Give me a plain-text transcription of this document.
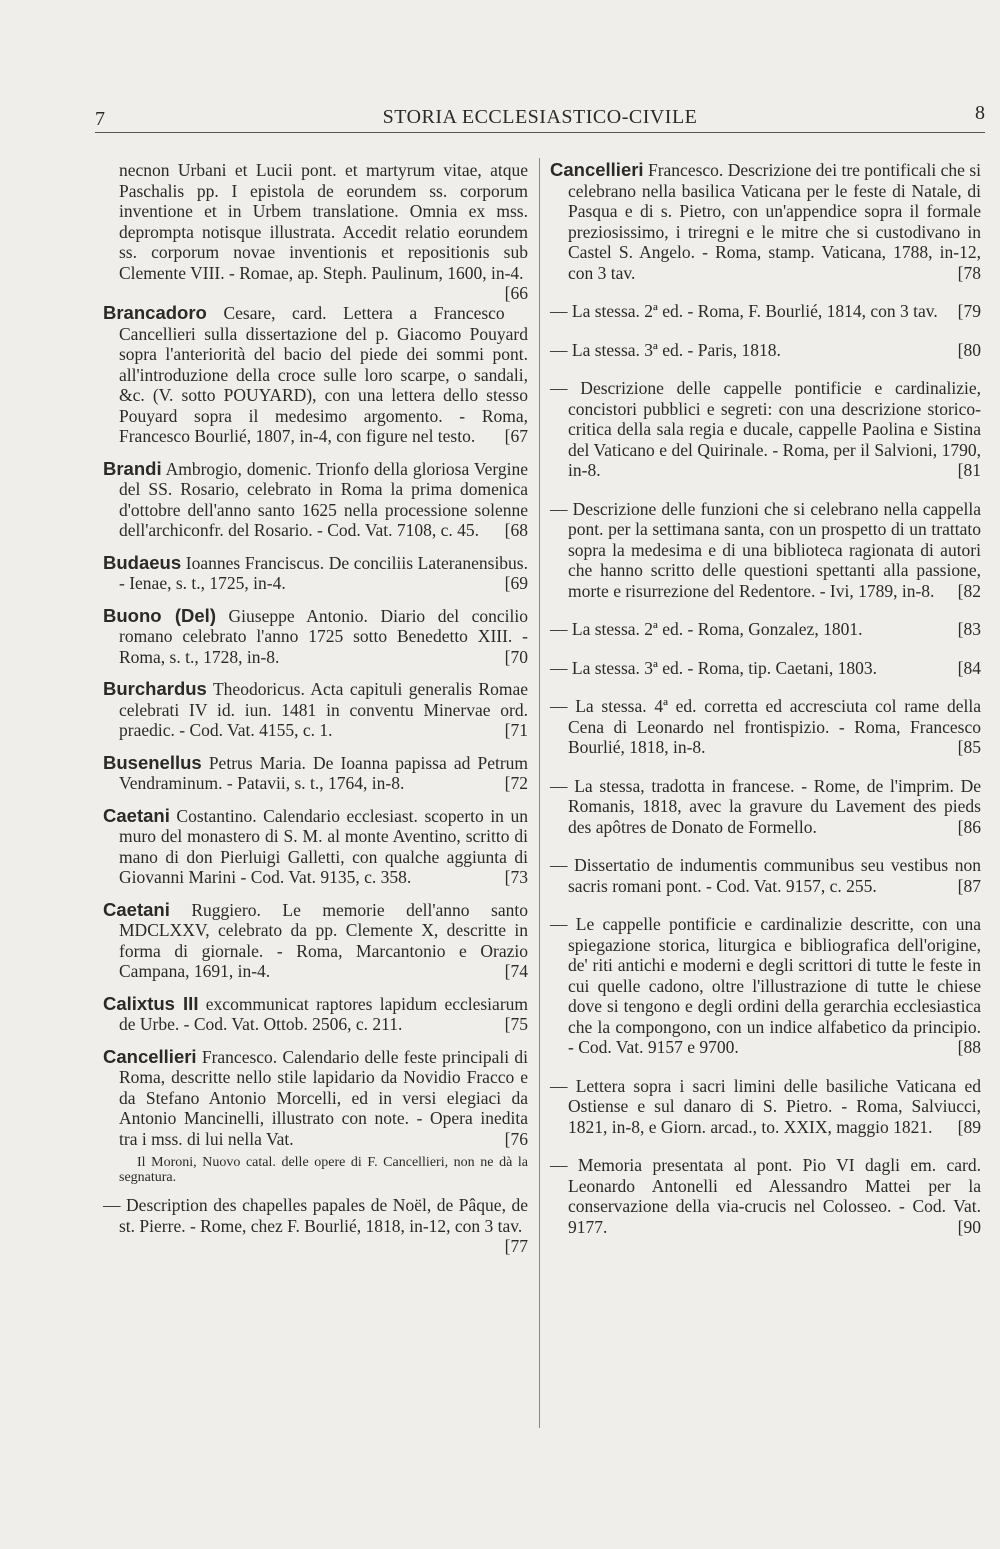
7	STORIA ECCLESIASTICO-CIVILE	8
necnon Urbani et Lucii pont. et martyrum vitae, atque Paschalis pp. I epistola de eorundem ss. corporum inventione et in Urbem translatione. Omnia ex mss. deprompta notisque illustrata. Accedit relatio eorundem ss. corporum novae inventionis et repositionis sub Clemente VIII. - Romae, ap. Steph. Paulinum, 1600, in-4.
[66
Brancadoro Cesare, card. Lettera a Francesco Cancellieri sulla dissertazione del p. Giacomo Pouyard sopra l'anteriorità del bacio del piede dei sommi pont. all'introduzione della croce sulle loro scarpe, o sandali, &c. (V. sotto POUYARD), con una lettera dello stesso Pouyard sopra il medesimo argomento. - Roma, Francesco Bourlié, 1807, in-4, con figure nel testo. [67
Brandi Ambrogio, domenic. Trionfo della gloriosa Vergine del SS. Rosario, celebrato in Roma la prima domenica d'ottobre dell'anno santo 1625 nella processione solenne dell'archiconfr. del Rosario. - Cod. Vat. 7108, c. 45. [68
Budaeus Ioannes Franciscus. De conciliis Lateranensibus. - Ienae, s. t., 1725, in-4.	[69
Buono (Del) Giuseppe Antonio. Diario del concilio romano celebrato l'anno 1725 sotto Benedetto XIII. - Roma, s. t., 1728, in-8.	[70
Burchardus Theodoricus. Acta capituli generalis Romae celebrati IV id. iun. 1481 in conventu Minervae ord. praedic. - Cod. Vat. 4155, c. 1.	[71
Busenellus Petrus Maria. De Ioanna papissa ad Petrum Vendraminum. - Patavii, s. t., 1764, in-8.	[72
Caetani Costantino. Calendario ecclesiast. scoperto in un muro del monastero di S. M. al monte Aventino, scritto di mano di don Pierluigi Galletti, con qualche aggiunta di Giovanni Marini - Cod. Vat. 9135, c. 358.	[73
Caetani Ruggiero. Le memorie dell'anno santo MDCLXXV, celebrato da pp. Clemente X, descritte in forma di giornale. - Roma, Marcantonio e Orazio Campana, 1691, in-4.	[74
Calixtus III excommunicat raptores lapidum ecclesiarum de Urbe. - Cod. Vat. Ottob. 2506, c. 211.	[75
Cancellieri Francesco. Calendario delle feste principali di Roma, descritte nello stile lapidario da Novidio Fracco e da Stefano Antonio Morcelli, ed in versi elegiaci da Antonio Mancinelli, illustrato con note. - Opera inedita tra i mss. di lui nella Vat.	[76
Il Moroni, Nuovo catal. delle opere di F. Cancellieri, non ne dà la segnatura.
— Description des chapelles papales de Noël, de Pâque, de st. Pierre. - Rome, chez F. Bourlié, 1818, in-12, con 3 tav.
[77
Cancellieri Francesco. Descrizione dei tre pontificali che si celebrano nella basilica Vaticana per le feste di Natale, di Pasqua e di s. Pietro, con un'appendice sopra il formale preziosissimo, i triregni e le mitre che si custodivano in Castel S. Angelo. - Roma, stamp. Vaticana, 1788, in-12, con 3 tav.	[78
— La stessa. 2ª ed. - Roma, F. Bourlié, 1814, con 3 tav. [79
— La stessa. 3ª ed. - Paris, 1818.	[80
— Descrizione delle cappelle pontificie e cardinalizie, concistori pubblici e segreti: con una descrizione storico-critica della sala regia e ducale, cappelle Paolina e Sistina del Vaticano e del Quirinale. - Roma, per il Salvioni, 1790, in-8.	[81
— Descrizione delle funzioni che si celebrano nella cappella pont. per la settimana santa, con un prospetto di un trattato sopra la medesima e di una biblioteca ragionata di autori che hanno scritto delle questioni spettanti alla passione, morte e risurrezione del Redentore. - Ivi, 1789, in-8. [82
— La stessa. 2ª ed. - Roma, Gonzalez, 1801.	[83
— La stessa. 3ª ed. - Roma, tip. Caetani, 1803.	[84
— La stessa. 4ª ed. corretta ed accresciuta col rame della Cena di Leonardo nel frontispizio. - Roma, Francesco Bourlié, 1818, in-8.	[85
— La stessa, tradotta in francese. - Rome, de l'imprim. De Romanis, 1818, avec la gravure du Lavement des pieds des apôtres de Donato de Formello.	[86
— Dissertatio de indumentis communibus seu vestibus non sacris romani pont. - Cod. Vat. 9157, c. 255.	[87
— Le cappelle pontificie e cardinalizie descritte, con una spiegazione storica, liturgica e bibliografica dell'origine, de' riti antichi e moderni e degli scrittori di tutte le feste in cui quelle cadono, oltre l'illustrazione di tutte le chiese dove si tengono e degli ordini della gerarchia ecclesiastica che la compongono, con un indice alfabetico da principio. - Cod. Vat. 9157 e 9700.	[88
— Lettera sopra i sacri limini delle basiliche Vaticana ed Ostiense e sul danaro di S. Pietro. - Roma, Salviucci, 1821, in-8, e Giorn. arcad., to. XXIX, maggio 1821. [89
— Memoria presentata al pont. Pio VI dagli em. card. Leonardo Antonelli ed Alessandro Mattei per la conservazione della via-crucis nel Colosseo. - Cod. Vat. 9177.	[90
